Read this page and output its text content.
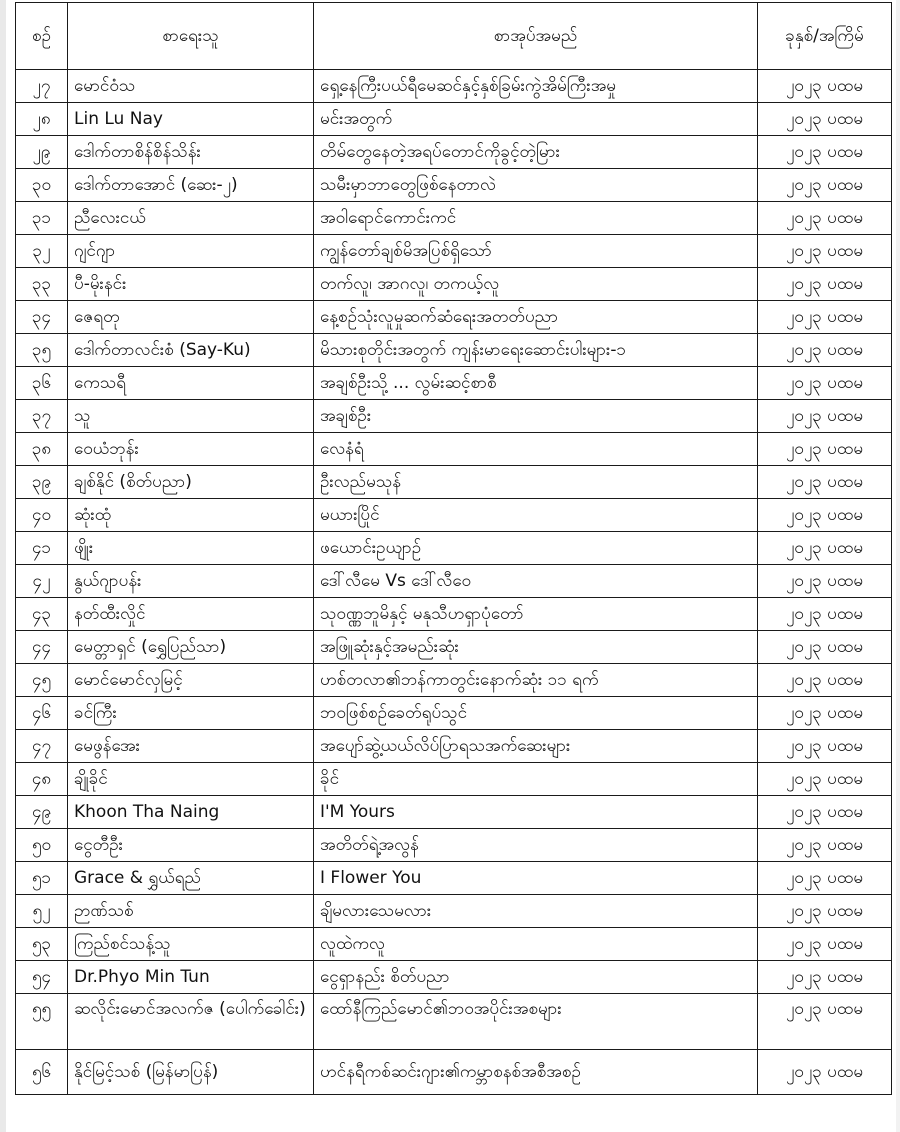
စဉ်	စာရေးသူ	စာအုပ်အမည်	ခုနှစ်/အကြိမ်
၂၇	မောင်ဝံသ	ရှေ့နေကြီးပယ်ရီမေဆင်နှင့်နှစ်ခြမ်းကွဲအိမ်ကြီးအမှု	၂၀၂၃ ပထမ
၂၈	Lin Lu Nay	မင်းအတွက်	၂၀၂၃ ပထမ
၂၉	ဒေါက်တာစိန်စိန်သိန်း	တိမ်တွေနေတဲ့အရပ်တောင်ကိုခွင့်တဲ့မြား	၂၀၂၃ ပထမ
၃၀	ဒေါက်တာအောင် (ဆေး-၂)	သမီးမှာဘာတွေဖြစ်နေတာလဲ	၂၀၂၃ ပထမ
၃၁	ညီလေးငယ်	အဝါရောင်ကောင်းကင်	၂၀၂၃ ပထမ
၃၂	ဂျင်ဂျာ	ကျွန်တော်ချစ်မိအပြစ်ရှိသော်	၂၀၂၃ ပထမ
၃၃	ပီ-မိုးနင်း	တက်လူ၊ အာဂလူ၊ တကယ့်လူ	၂၀၂၃ ပထမ
၃၄	ဇေရတု	နေ့စဉ်သုံးလူမှုဆက်ဆံရေးအတတ်ပညာ	၂၀၂၃ ပထမ
၃၅	ဒေါက်တာလင်းစံ (Say-Ku)	မိသားစုတိုင်းအတွက် ကျန်းမာရေးဆောင်းပါးများ-၁	၂၀၂၃ ပထမ
၃၆	ကေသရီ	အချစ်ဦးသို့ ... လွမ်းဆင့်စာစီ	၂၀၂၃ ပထမ
၃၇	သူ	အချစ်ဦး	၂၀၂၃ ပထမ
၃၈	ဝေယံဘုန်း	လေနံရံ	၂၀၂၃ ပထမ
၃၉	ချစ်နိုင် (စိတ်ပညာ)	ဦးလည်မသုန်	၂၀၂၃ ပထမ
၄၀	ဆုံးထုံ	မယားပြိုင်	၂၀၂၃ ပထမ
၄၁	ဖျိုး	ဖယောင်းဥယျာဉ်	၂၀၂၃ ပထမ
၄၂	နွယ်ဂျာပန်း	ဒေါ်လီမေ Vs ဒေါ်လီဝေ	၂၀၂၃ ပထမ
၄၃	နတ်ထီးလှိုင်	သုဝဏ္ဏဘူမိနှင့် မနုသီဟရှာပုံတော်	၂၀၂၃ ပထမ
၄၄	မေတ္တာရှင် (ရွှေပြည်သာ)	အဖြူဆုံးနှင့်အမည်းဆုံး	၂၀၂၃ ပထမ
၄၅	မောင်မောင်လှမြင့်	ဟစ်တလာ၏ဘန်ကာတွင်းနောက်ဆုံး ၁၁ ရက်	၂၀၂၃ ပထမ
၄၆	ခင်ကြီး	ဘဝဖြစ်စဉ်ခေတ်ရုပ်သွင်	၂၀၂၃ ပထမ
၄၇	မေဖွန်အေး	အပျော်ဆွဲ့ယယ်လိပ်ပြာရသအက်ဆေးများ	၂၀၂၃ ပထမ
၄၈	ချိုခိုင်	ခိုင်	၂၀၂၃ ပထမ
၄၉	Khoon Tha Naing	I'M Yours	၂၀၂၃ ပထမ
၅၀	ငွေတီဦး	အတိတ်ရဲ့အလွန်	၂၀၂၃ ပထမ
၅၁	Grace & ရွှယ်ရည်	I Flower You	၂၀၂၃ ပထမ
၅၂	ဉာဏ်သစ်	ချိမလားသေမလား	၂၀၂၃ ပထမ
၅၃	ကြည်စင်သန့်သူ	လူထဲကလူ	၂၀၂၃ ပထမ
၅၄	Dr.Phyo Min Tun	ငွေရှာနည်း စိတ်ပညာ	၂၀၂၃ ပထမ
၅၅	ဆလိုင်းမောင်အလက်ဇ (ပေါက်ခေါင်း)	ထော်နီကြည်မောင်၏ဘဝအပိုင်းအစများ	၂၀၂၃ ပထမ
၅၆	နိုင်မြင့်သစ် (မြန်မာပြန်)	ဟင်နရီကစ်ဆင်းဂျား၏ကမ္ဘာစနစ်အစီအစဉ်	၂၀၂၃ ပထမ
